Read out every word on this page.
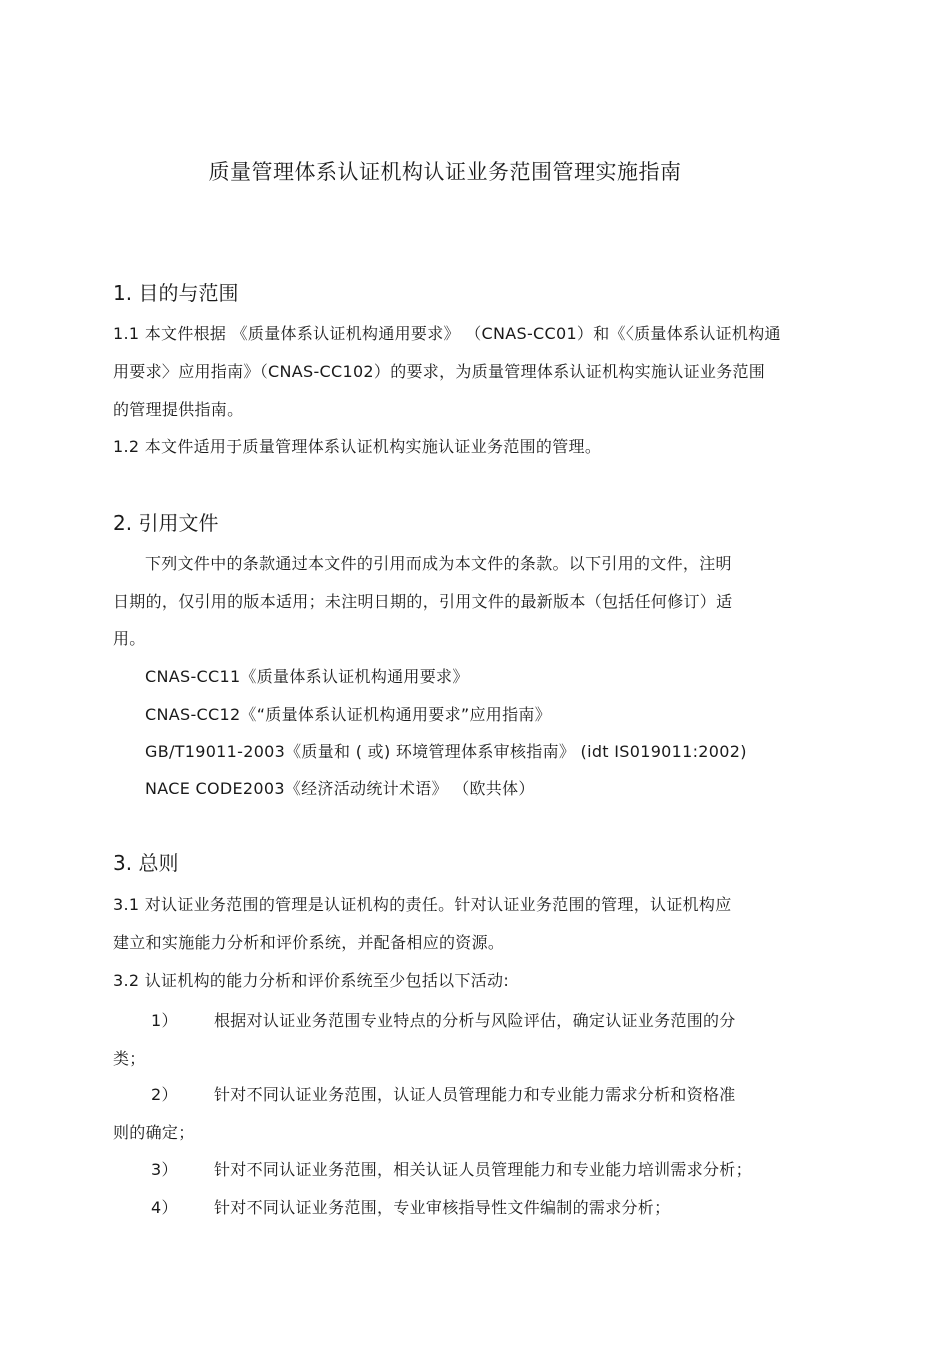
质量管理体系认证机构认证业务范围管理实施指南
1. 目的与范围
1.1 本文件根据 《质量体系认证机构通用要求》 （CNAS-CC01）和《〈质量体系认证机构通
用要求〉应用指南》（CNAS-CC102）的要求，为质量管理体系认证机构实施认证业务范围
的管理提供指南。
1.2 本文件适用于质量管理体系认证机构实施认证业务范围的管理。
2. 引用文件
下列文件中的条款通过本文件的引用而成为本文件的条款。以下引用的文件，注明
日期的，仅引用的版本适用；未注明日期的，引用文件的最新版本（包括任何修订）适
用。
CNAS-CC11《质量体系认证机构通用要求》
CNAS-CC12《“质量体系认证机构通用要求”应用指南》
GB/T19011-2003《质量和 ( 或) 环境管理体系审核指南》 (idt IS019011:2002)
NACE CODE2003《经济活动统计术语》 （欧共体）
3. 总则
3.1 对认证业务范围的管理是认证机构的责任。针对认证业务范围的管理，认证机构应
建立和实施能力分析和评价系统，并配备相应的资源。
3.2 认证机构的能力分析和评价系统至少包括以下活动:
1） 根据对认证业务范围专业特点的分析与风险评估，确定认证业务范围的分
类；
2） 针对不同认证业务范围，认证人员管理能力和专业能力需求分析和资格准
则的确定；
3） 针对不同认证业务范围，相关认证人员管理能力和专业能力培训需求分析；
4） 针对不同认证业务范围，专业审核指导性文件编制的需求分析；
